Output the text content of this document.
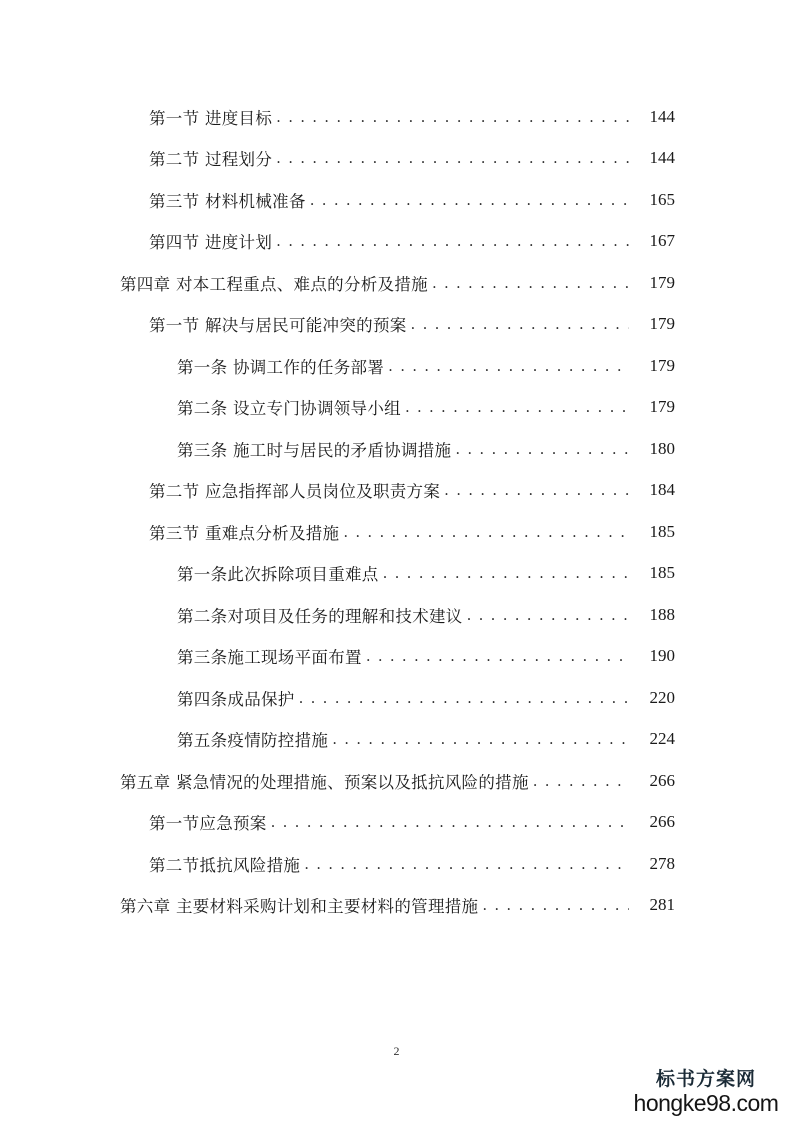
第一节 进度目标 . . .	144
第二节 过程划分 . . .	144
第三节 材料机械准备 . . .	165
第四节 进度计划 . . .	167
第四章 对本工程重点、难点的分析及措施 . . .	179
第一节 解决与居民可能冲突的预案 . . .	179
第一条 协调工作的任务部署 . . .	179
第二条 设立专门协调领导小组 . . .	179
第三条 施工时与居民的矛盾协调措施 . . .	180
第二节 应急指挥部人员岗位及职责方案 . . .	184
第三节 重难点分析及措施 . . .	185
第一条此次拆除项目重难点 . . .	185
第二条对项目及任务的理解和技术建议 . . .	188
第三条施工现场平面布置 . . .	190
第四条成品保护 . . .	220
第五条疫情防控措施 . . .	224
第五章 紧急情况的处理措施、预案以及抵抗风险的措施 . . .	266
第一节应急预案 . . .	266
第二节抵抗风险措施 . . .	278
第六章 主要材料采购计划和主要材料的管理措施 . . .	281
2
标书方案网
hongke98.com
